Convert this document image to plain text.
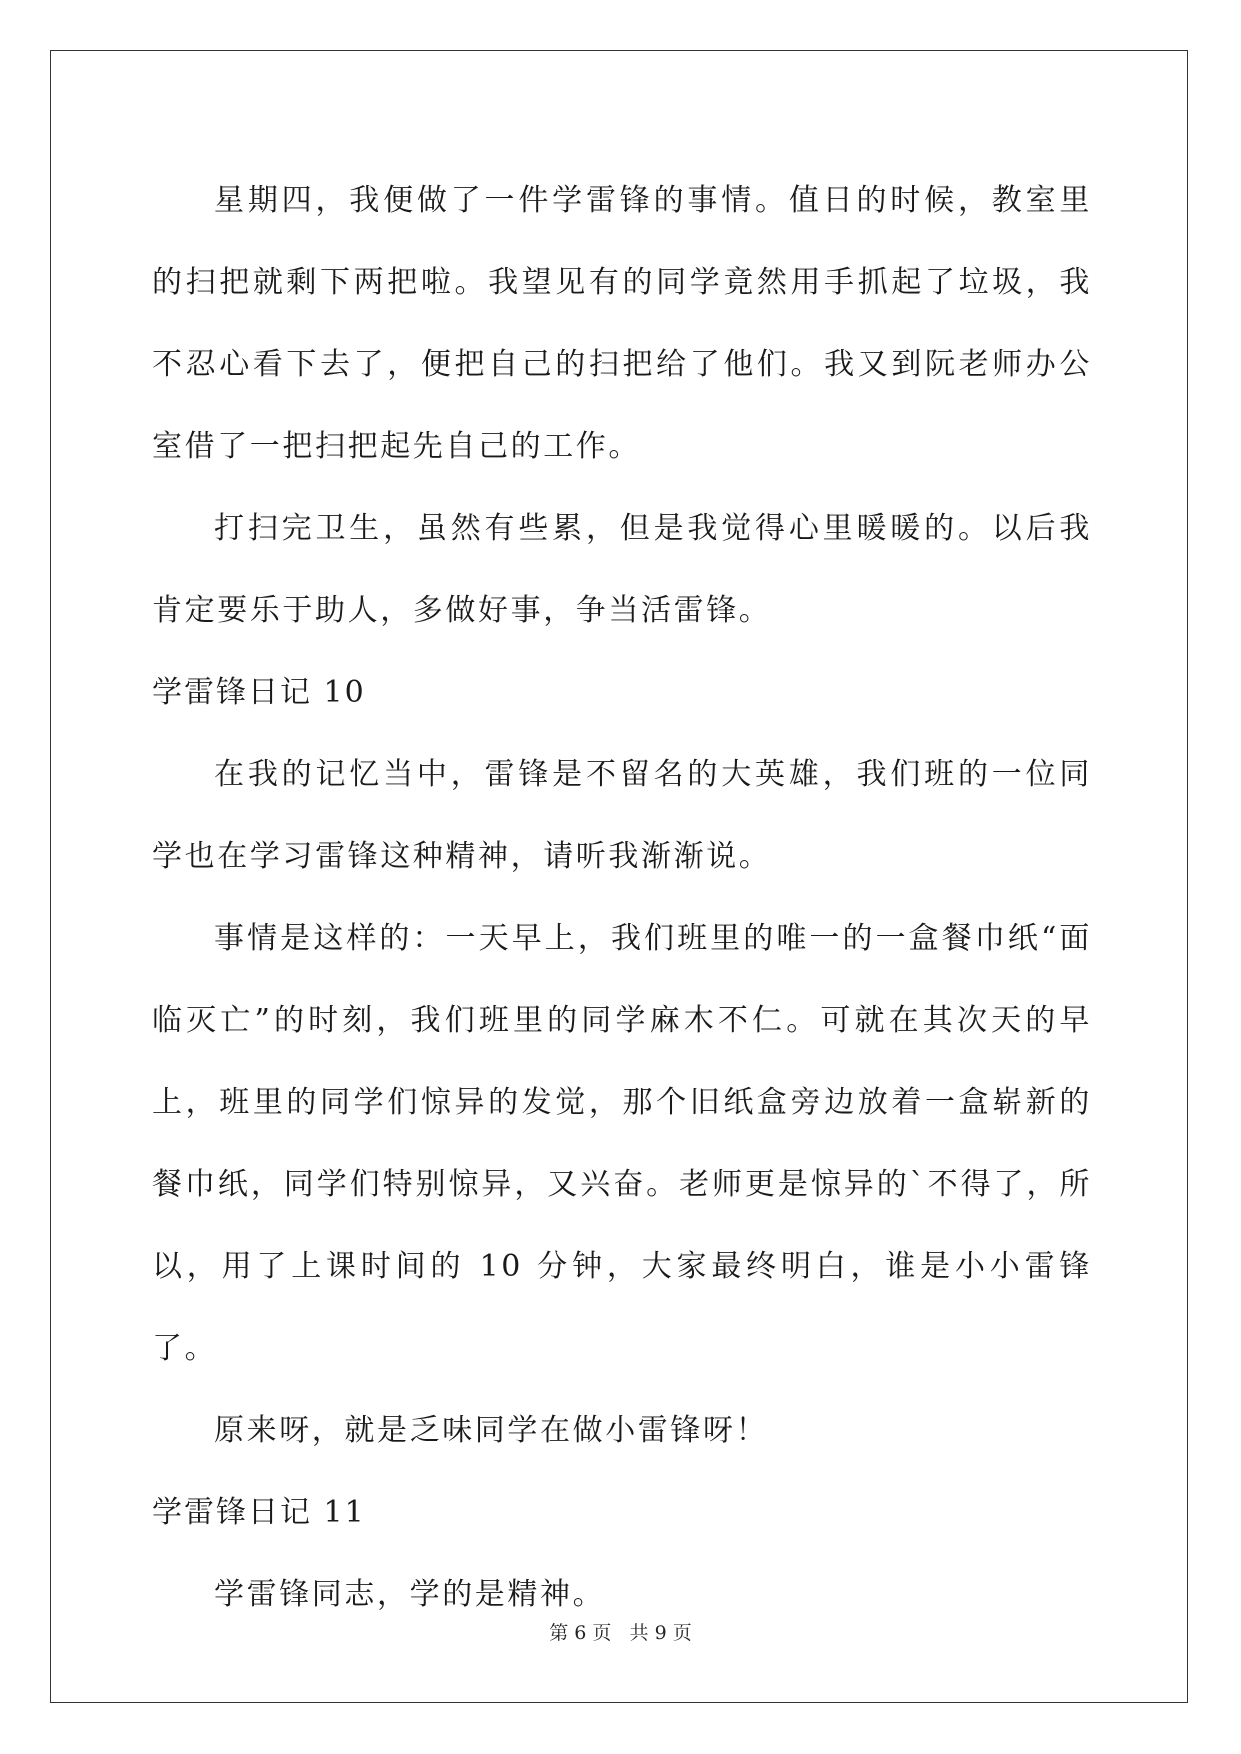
星期四，我便做了一件学雷锋的事情。值日的时候，教室里的扫把就剩下两把啦。我望见有的同学竟然用手抓起了垃圾，我不忍心看下去了，便把自己的扫把给了他们。我又到阮老师办公室借了一把扫把起先自己的工作。

打扫完卫生，虽然有些累，但是我觉得心里暖暖的。以后我肯定要乐于助人，多做好事，争当活雷锋。

学雷锋日记 10

在我的记忆当中，雷锋是不留名的大英雄，我们班的一位同学也在学习雷锋这种精神，请听我渐渐说。

事情是这样的：一天早上，我们班里的唯一的一盒餐巾纸“面临灭亡”的时刻，我们班里的同学麻木不仁。可就在其次天的早上，班里的同学们惊异的发觉，那个旧纸盒旁边放着一盒崭新的餐巾纸，同学们特别惊异，又兴奋。老师更是惊异的`不得了，所以，用了上课时间的 10 分钟，大家最终明白，谁是小小雷锋了。

原来呀，就是乏味同学在做小雷锋呀！

学雷锋日记 11

学雷锋同志，学的是精神。

第 6 页   共 9 页
